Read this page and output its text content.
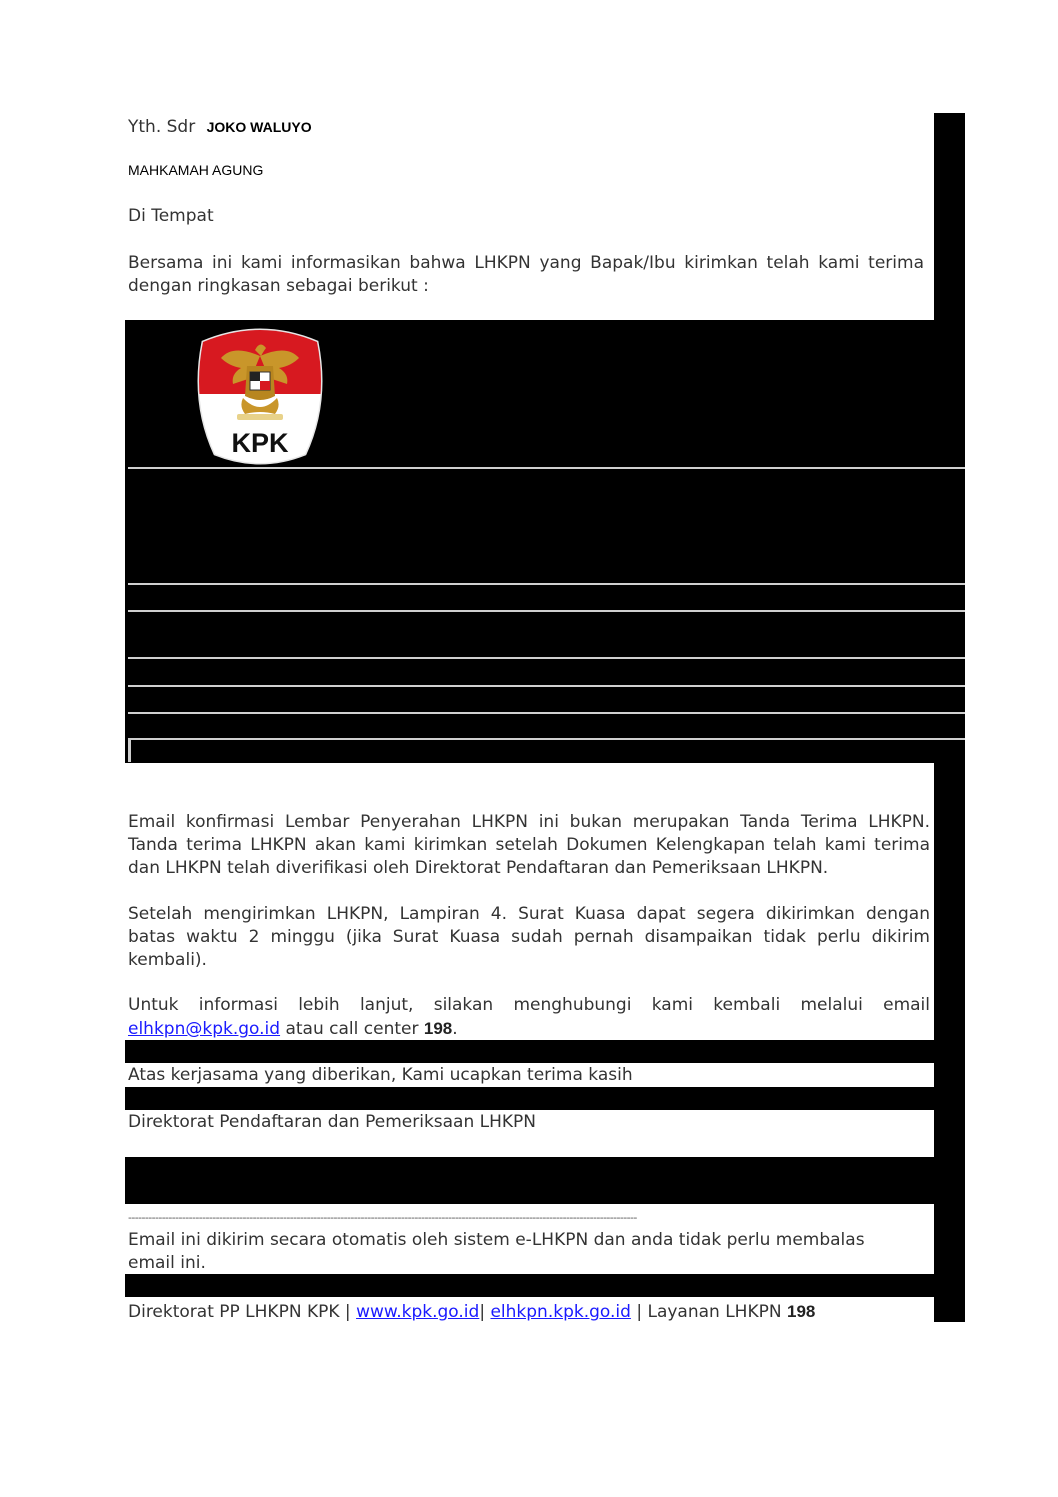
Yth. Sdr JOKO WALUYO
MAHKAMAH AGUNG
Di Tempat
Bersama ini kami informasikan bahwa LHKPN yang Bapak/Ibu kirimkan telah kami terima
dengan ringkasan sebagai berikut :
KPK
Email konfirmasi Lembar Penyerahan LHKPN ini bukan merupakan Tanda Terima LHKPN.
Tanda terima LHKPN akan kami kirimkan setelah Dokumen Kelengkapan telah kami terima
dan LHKPN telah diverifikasi oleh Direktorat Pendaftaran dan Pemeriksaan LHKPN.
Setelah mengirimkan LHKPN, Lampiran 4. Surat Kuasa dapat segera dikirimkan dengan
batas waktu 2 minggu (jika Surat Kuasa sudah pernah disampaikan tidak perlu dikirim
kembali).
Untuk informasi lebih lanjut, silakan menghubungi kami kembali melalui email
elhkpn@kpk.go.id atau call center 198.
Atas kerjasama yang diberikan, Kami ucapkan terima kasih
Direktorat Pendaftaran dan Pemeriksaan LHKPN
-------------------------------------------------------------------------------------------------------------------------------------------------------
Email ini dikirim secara otomatis oleh sistem e-LHKPN dan anda tidak perlu membalas
email ini.
Direktorat PP LHKPN KPK | www.kpk.go.id| elhkpn.kpk.go.id | Layanan LHKPN 198
